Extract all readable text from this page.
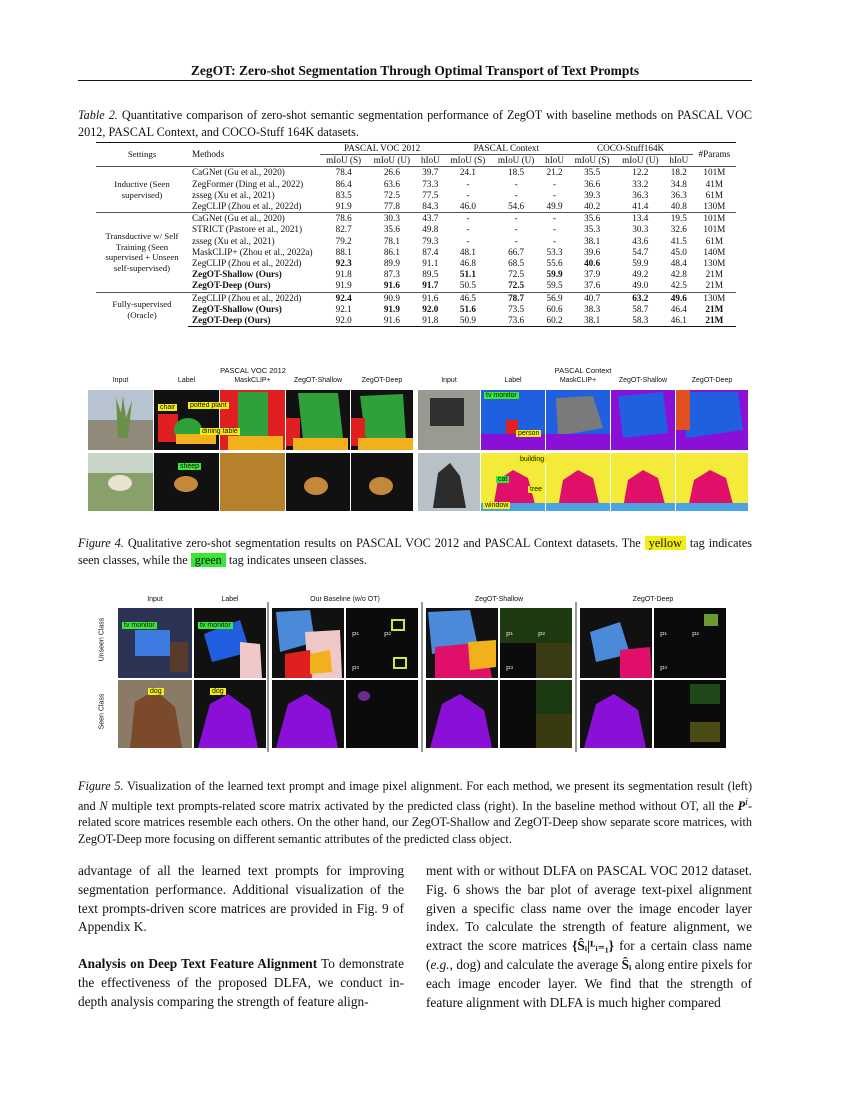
ZegOT: Zero-shot Segmentation Through Optimal Transport of Text Prompts
Table 2. Quantitative comparison of zero-shot semantic segmentation performance of ZegOT with baseline methods on PASCAL VOC 2012, PASCAL Context, and COCO-Stuff 164K datasets.
Settings	Methods	PASCAL VOC 2012			PASCAL Context			COCO-Stuff164K			#Params
		mIoU (S)	mIoU (U)	hIoU	mIoU (S)	mIoU (U)	hIoU	mIoU (S)	mIoU (U)	hIoU	
Inductive (Seen supervised)	CaGNet (Gu et al., 2020)	78.4	26.6	39.7	24.1	18.5	21.2	35.5	12.2	18.2	101M
	ZegFormer (Ding et al., 2022)	86.4	63.6	73.3	-	-	-	36.6	33.2	34.8	41M
	zsseg (Xu et al., 2021)	83.5	72.5	77.5	-	-	-	39.3	36.3	36.3	61M
	ZegCLIP (Zhou et al., 2022d)	91.9	77.8	84.3	46.0	54.6	49.9	40.2	41.4	40.8	130M
Transductive w/ Self Training (Seen supervised + Unseen self-supervised)	CaGNet (Gu et al., 2020)	78.6	30.3	43.7	-	-	-	35.6	13.4	19.5	101M
	STRICT (Pastore et al., 2021)	82.7	35.6	49.8	-	-	-	35.3	30.3	32.6	101M
	zsseg (Xu et al., 2021)	79.2	78.1	79.3	-	-	-	38.1	43.6	41.5	61M
	MaskCLIP+ (Zhou et al., 2022a)	88.1	86.1	87.4	48.1	66.7	53.3	39.6	54.7	45.0	140M
	ZegCLIP (Zhou et al., 2022d)	92.3	89.9	91.1	46.8	68.5	55.6	40.6	59.9	48.4	130M
	ZegOT-Shallow (Ours)	91.8	87.3	89.5	51.1	72.5	59.9	37.9	49.2	42.8	21M
	ZegOT-Deep (Ours)	91.9	91.6	91.7	50.5	72.5	59.5	37.6	49.0	42.5	21M
Fully-supervised (Oracle)	ZegCLIP (Zhou et al., 2022d)	92.4	90.9	91.6	46.5	78.7	56.9	40.7	63.2	49.6	130M
	ZegOT-Shallow (Ours)	92.1	91.9	92.0	51.6	73.5	60.6	38.3	58.7	46.4	21M
	ZegOT-Deep (Ours)	92.0	91.6	91.8	50.9	73.6	60.2	38.1	58.3	46.1	21M
PASCAL VOC 2012	PASCAL Context
Input	Label	MaskCLIP+	ZegOT-Shallow	ZegOT-Deep	Input	Label	MaskCLIP+	ZegOT-Shallow	ZegOT-Deep
chair potted plant
dining table
sheep
tv monitor
person
building
cat
tree
window
Figure 4. Qualitative zero-shot segmentation results on PASCAL VOC 2012 and PASCAL Context datasets. The yellow tag indicates seen classes, while the green tag indicates unseen classes.
Input	Label	Our Baseline (w/o OT)	ZegOT-Shallow	ZegOT-Deep
Unseen Class
Seen Class
tv monitor	tv monitor
dog	dog
P¹	P²
P³
P¹	P²
P³
P¹	P²
P³
Figure 5. Visualization of the learned text prompt and image pixel alignment. For each method, we present its segmentation result (left) and N multiple text prompts-related score matrix activated by the predicted class (right). In the baseline method without OT, all the $P^i$-related score matrices resemble each others. On the other hand, our ZegOT-Shallow and ZegOT-Deep show separate score matrices, with ZegOT-Deep more focusing on different semantic attributes of the predicted class object.
advantage of all the learned text prompts for improving segmentation performance. Additional visualization of the text prompts-driven score matrices are provided in Fig. 9 of Appendix K.
Analysis on Deep Text Feature Alignment To demonstrate the effectiveness of the proposed DLFA, we conduct in-depth analysis comparing the strength of feature align-
ment with or without DLFA on PASCAL VOC 2012 dataset. Fig. 6 shows the bar plot of average text-pixel alignment given a specific class name over the image encoder layer index. To calculate the strength of feature alignment, we extract the score matrices {Ŝᵢ|ᴸᵢ₌₁} for a certain class name (e.g., dog) and calculate the average Ŝᵢ along entire pixels for each image encoder layer. We find that the strength of feature alignment with DLFA is much higher compared
